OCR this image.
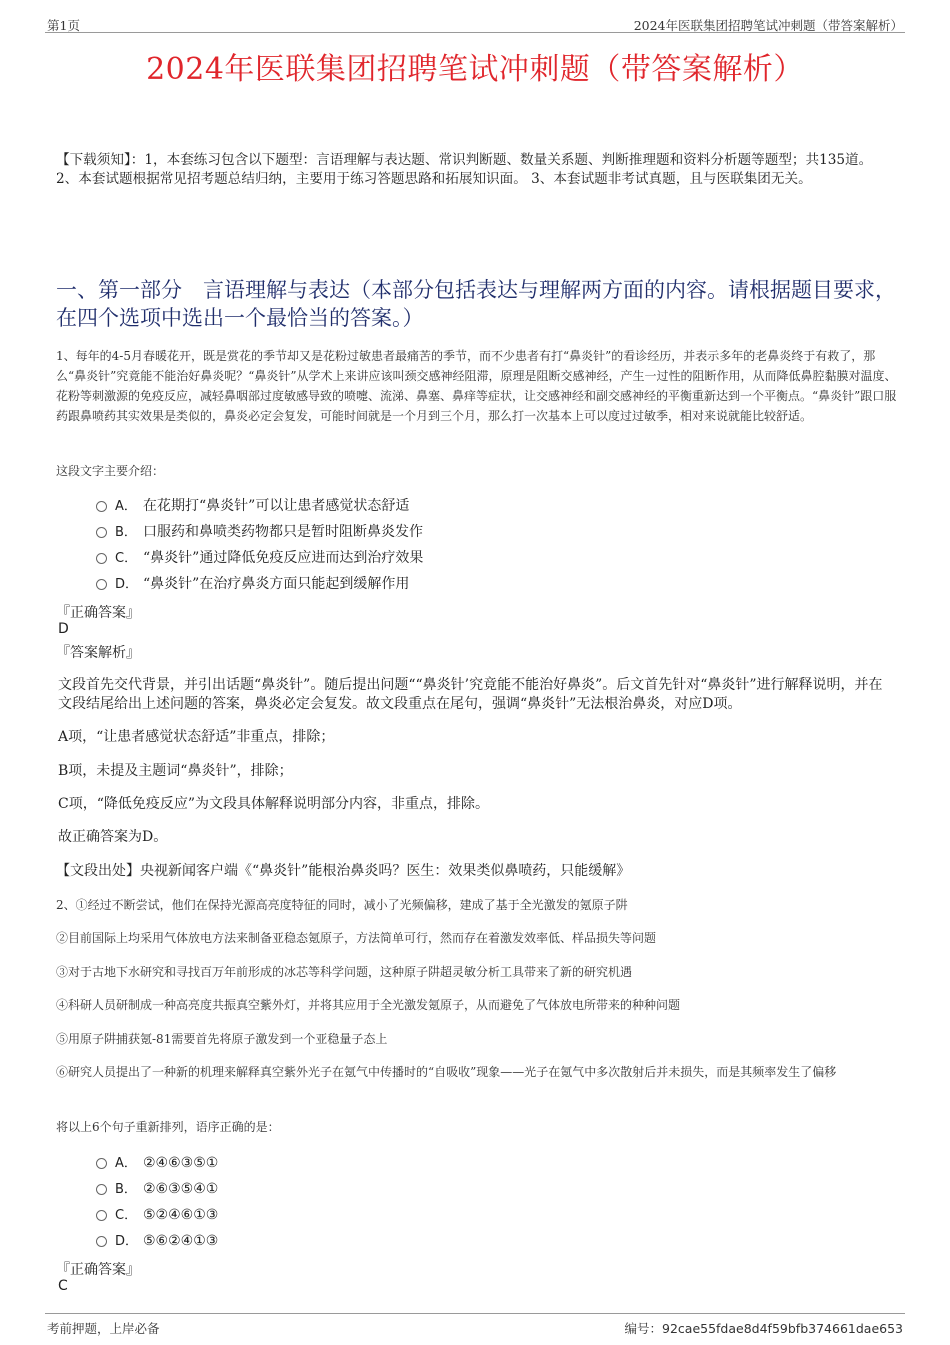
第1页	2024年医联集团招聘笔试冲刺题（带答案解析）
2024年医联集团招聘笔试冲刺题（带答案解析）
【下载须知】：1，本套练习包含以下题型：言语理解与表达题、常识判断题、数量关系题、判断推理题和资料分析题等题型；共135道。 2、本套试题根据常见招考题总结归纳，主要用于练习答题思路和拓展知识面。 3、本套试题非考试真题，且与医联集团无关。
一、第一部分　言语理解与表达（本部分包括表达与理解两方面的内容。请根据题目要求，在四个选项中选出一个最恰当的答案。）
1、每年的4-5月春暖花开，既是赏花的季节却又是花粉过敏患者最痛苦的季节，而不少患者有打“鼻炎针”的看诊经历，并表示多年的老鼻炎终于有救了，那么“鼻炎针”究竟能不能治好鼻炎呢？“鼻炎针”从学术上来讲应该叫颈交感神经阻滞，原理是阻断交感神经，产生一过性的阻断作用，从而降低鼻腔黏膜对温度、花粉等刺激源的免疫反应，减轻鼻咽部过度敏感导致的喷嚏、流涕、鼻塞、鼻痒等症状，让交感神经和副交感神经的平衡重新达到一个平衡点。“鼻炎针”跟口服药跟鼻喷药其实效果是类似的，鼻炎必定会复发，可能时间就是一个月到三个月，那么打一次基本上可以度过过敏季，相对来说就能比较舒适。
这段文字主要介绍：
A． 在花期打“鼻炎针”可以让患者感觉状态舒适
B． 口服药和鼻喷类药物都只是暂时阻断鼻炎发作
C． “鼻炎针”通过降低免疫反应进而达到治疗效果
D． “鼻炎针”在治疗鼻炎方面只能起到缓解作用
『正确答案』
D
『答案解析』
文段首先交代背景，并引出话题“鼻炎针”。随后提出问题““鼻炎针’究竟能不能治好鼻炎”。后文首先针对“鼻炎针”进行解释说明，并在文段结尾给出上述问题的答案，鼻炎必定会复发。故文段重点在尾句，强调“鼻炎针”无法根治鼻炎，对应D项。
A项，“让患者感觉状态舒适”非重点，排除；
B项，未提及主题词“鼻炎针”，排除；
C项，“降低免疫反应”为文段具体解释说明部分内容，非重点，排除。
故正确答案为D。
【文段出处】央视新闻客户端《“鼻炎针”能根治鼻炎吗？医生：效果类似鼻喷药，只能缓解》
2、①经过不断尝试，他们在保持光源高亮度特征的同时，减小了光频偏移，建成了基于全光激发的氪原子阱
②目前国际上均采用气体放电方法来制备亚稳态氪原子，方法简单可行，然而存在着激发效率低、样品损失等问题
③对于古地下水研究和寻找百万年前形成的冰芯等科学问题，这种原子阱超灵敏分析工具带来了新的研究机遇
④科研人员研制成一种高亮度共振真空紫外灯，并将其应用于全光激发氪原子，从而避免了气体放电所带来的种种问题
⑤用原子阱捕获氪-81需要首先将原子激发到一个亚稳量子态上
⑥研究人员提出了一种新的机理来解释真空紫外光子在氪气中传播时的“自吸收”现象——光子在氪气中多次散射后并未损失，而是其频率发生了偏移
将以上6个句子重新排列，语序正确的是：
A． ②④⑥③⑤①
B． ②⑥③⑤④①
C． ⑤②④⑥①③
D． ⑤⑥②④①③
『正确答案』
C
考前押题，上岸必备	编号：92cae55fdae8d4f59bfb374661dae653
